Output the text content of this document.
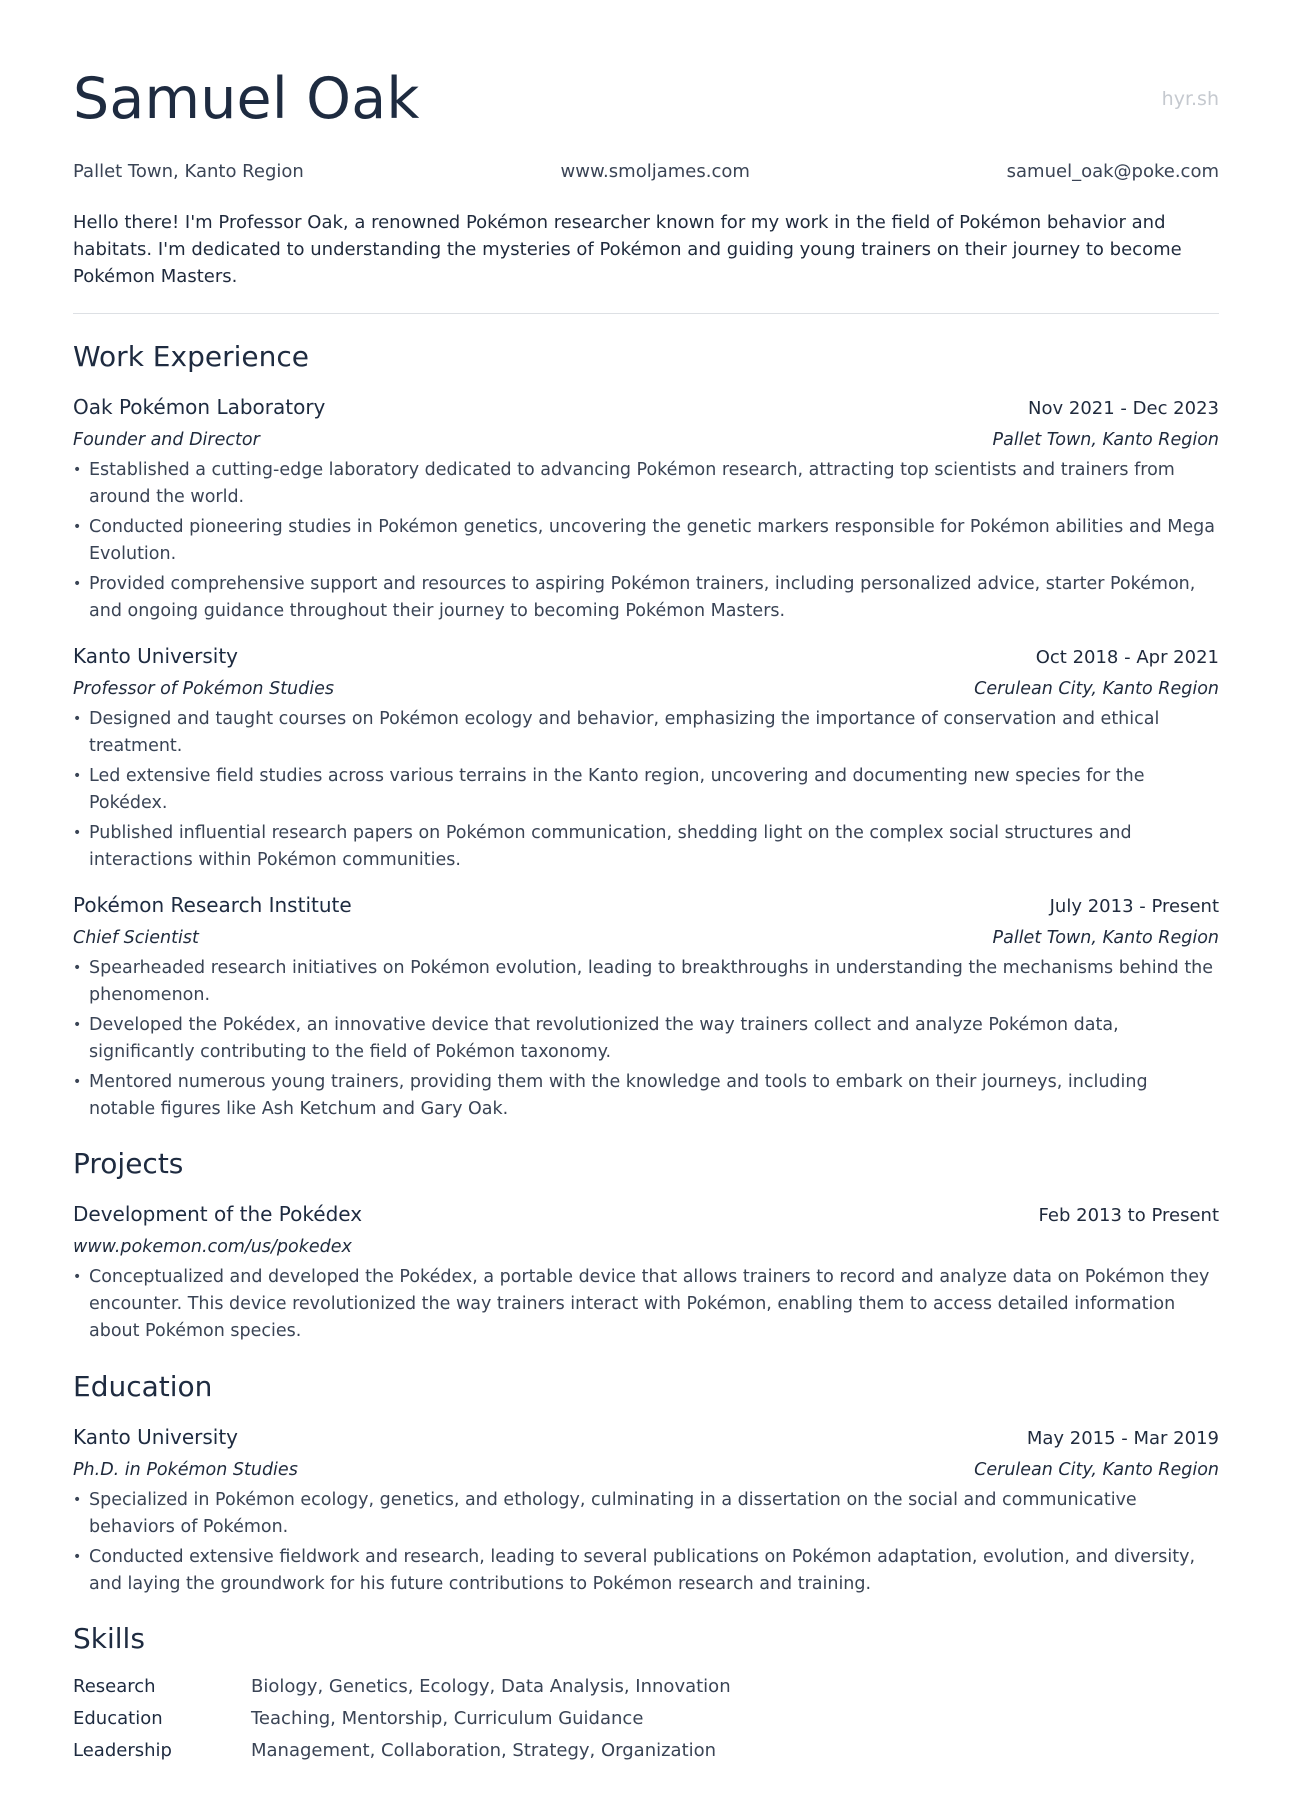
Samuel Oak	hyr.sh
Pallet Town, Kanto Region	www.smoljames.com	samuel_oak@poke.com
Hello there! I'm Professor Oak, a renowned Pokémon researcher known for my work in the field of Pokémon behavior and habitats. I'm dedicated to understanding the mysteries of Pokémon and guiding young trainers on their journey to become Pokémon Masters.
Work Experience
Oak Pokémon Laboratory	Nov 2021 - Dec 2023
Founder and Director	Pallet Town, Kanto Region
• Established a cutting-edge laboratory dedicated to advancing Pokémon research, attracting top scientists and trainers from around the world.
• Conducted pioneering studies in Pokémon genetics, uncovering the genetic markers responsible for Pokémon abilities and Mega Evolution.
• Provided comprehensive support and resources to aspiring Pokémon trainers, including personalized advice, starter Pokémon, and ongoing guidance throughout their journey to becoming Pokémon Masters.
Kanto University	Oct 2018 - Apr 2021
Professor of Pokémon Studies	Cerulean City, Kanto Region
• Designed and taught courses on Pokémon ecology and behavior, emphasizing the importance of conservation and ethical treatment.
• Led extensive field studies across various terrains in the Kanto region, uncovering and documenting new species for the Pokédex.
• Published influential research papers on Pokémon communication, shedding light on the complex social structures and interactions within Pokémon communities.
Pokémon Research Institute	July 2013 - Present
Chief Scientist	Pallet Town, Kanto Region
• Spearheaded research initiatives on Pokémon evolution, leading to breakthroughs in understanding the mechanisms behind the phenomenon.
• Developed the Pokédex, an innovative device that revolutionized the way trainers collect and analyze Pokémon data, significantly contributing to the field of Pokémon taxonomy.
• Mentored numerous young trainers, providing them with the knowledge and tools to embark on their journeys, including notable figures like Ash Ketchum and Gary Oak.
Projects
Development of the Pokédex	Feb 2013 to Present
www.pokemon.com/us/pokedex
• Conceptualized and developed the Pokédex, a portable device that allows trainers to record and analyze data on Pokémon they encounter. This device revolutionized the way trainers interact with Pokémon, enabling them to access detailed information about Pokémon species.
Education
Kanto University	May 2015 - Mar 2019
Ph.D. in Pokémon Studies	Cerulean City, Kanto Region
• Specialized in Pokémon ecology, genetics, and ethology, culminating in a dissertation on the social and communicative behaviors of Pokémon.
• Conducted extensive fieldwork and research, leading to several publications on Pokémon adaptation, evolution, and diversity, and laying the groundwork for his future contributions to Pokémon research and training.
Skills
Research	Biology, Genetics, Ecology, Data Analysis, Innovation
Education	Teaching, Mentorship, Curriculum Guidance
Leadership	Management, Collaboration, Strategy, Organization
